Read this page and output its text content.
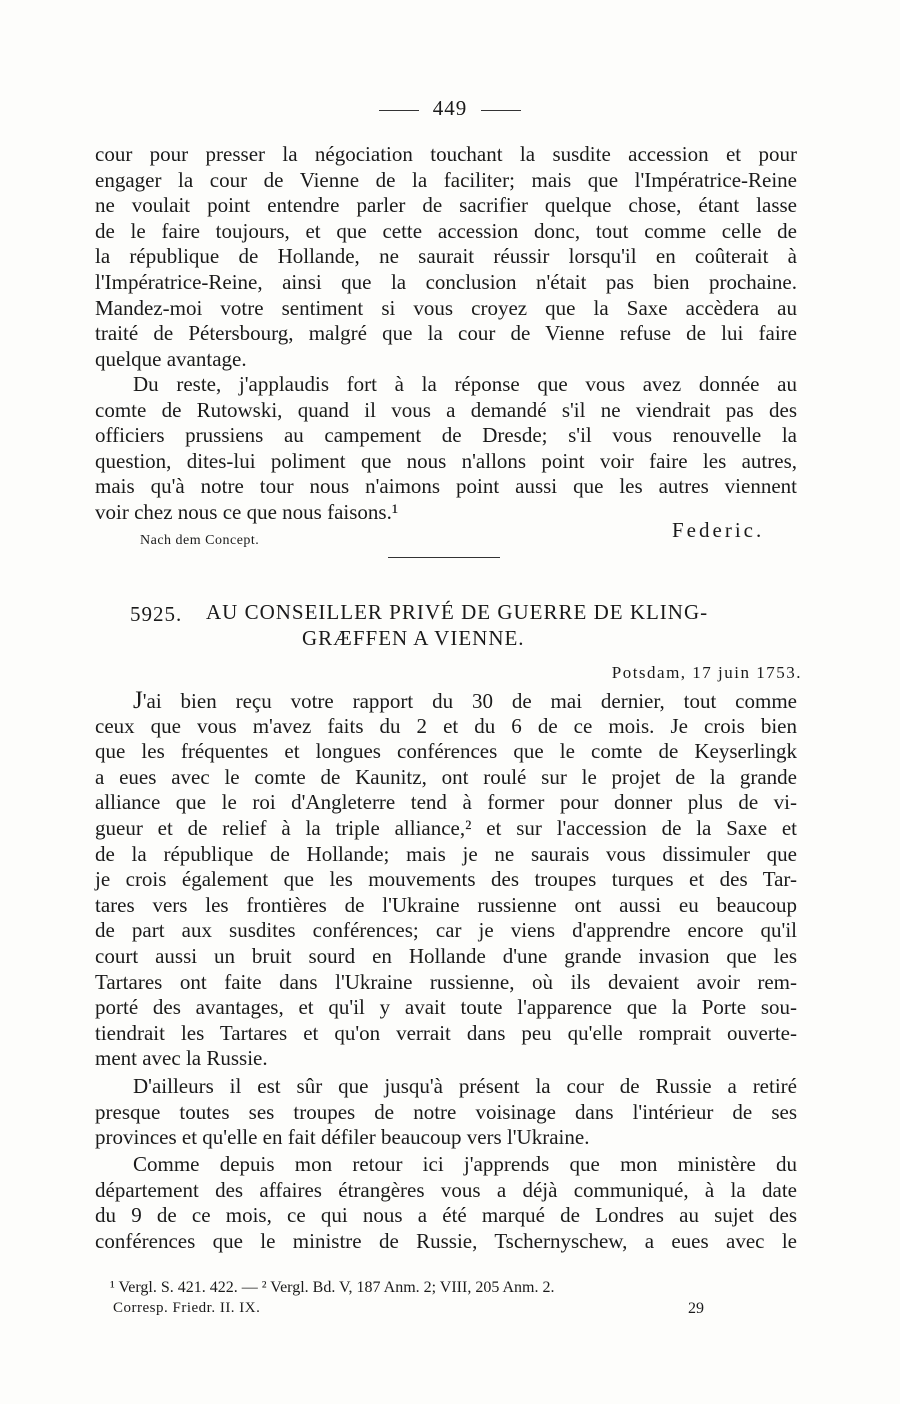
449
cour pour presser la négociation touchant la susdite accession et pour
engager la cour de Vienne de la faciliter; mais que l'Impératrice-Reine
ne voulait point entendre parler de sacrifier quelque chose, étant lasse
de le faire toujours, et que cette accession donc, tout comme celle de
la république de Hollande, ne saurait réussir lorsqu'il en coûterait à
l'Impératrice-Reine, ainsi que la conclusion n'était pas bien prochaine.
Mandez-moi votre sentiment si vous croyez que la Saxe accèdera au
traité de Pétersbourg, malgré que la cour de Vienne refuse de lui faire
quelque avantage.
Du reste, j'applaudis fort à la réponse que vous avez donnée au
comte de Rutowski, quand il vous a demandé s'il ne viendrait pas des
officiers prussiens au campement de Dresde; s'il vous renouvelle la
question, dites-lui poliment que nous n'allons point voir faire les autres,
mais qu'à notre tour nous n'aimons point aussi que les autres viennent
voir chez nous ce que nous faisons.¹
Federic.
Nach dem Concept.
5925. AU CONSEILLER PRIVÉ DE GUERRE DE KLING-
GRÆFFEN A VIENNE.
Potsdam, 17 juin 1753.
J'ai bien reçu votre rapport du 30 de mai dernier, tout comme
ceux que vous m'avez faits du 2 et du 6 de ce mois. Je crois bien
que les fréquentes et longues conférences que le comte de Keyserlingk
a eues avec le comte de Kaunitz, ont roulé sur le projet de la grande
alliance que le roi d'Angleterre tend à former pour donner plus de vi-
gueur et de relief à la triple alliance,² et sur l'accession de la Saxe et
de la république de Hollande; mais je ne saurais vous dissimuler que
je crois également que les mouvements des troupes turques et des Tar-
tares vers les frontières de l'Ukraine russienne ont aussi eu beaucoup
de part aux susdites conférences; car je viens d'apprendre encore qu'il
court aussi un bruit sourd en Hollande d'une grande invasion que les
Tartares ont faite dans l'Ukraine russienne, où ils devaient avoir rem-
porté des avantages, et qu'il y avait toute l'apparence que la Porte sou-
tiendrait les Tartares et qu'on verrait dans peu qu'elle romprait ouverte-
ment avec la Russie.
D'ailleurs il est sûr que jusqu'à présent la cour de Russie a retiré
presque toutes ses troupes de notre voisinage dans l'intérieur de ses
provinces et qu'elle en fait défiler beaucoup vers l'Ukraine.
Comme depuis mon retour ici j'apprends que mon ministère du
département des affaires étrangères vous a déjà communiqué, à la date
du 9 de ce mois, ce qui nous a été marqué de Londres au sujet des
conférences que le ministre de Russie, Tschernyschew, a eues avec le
¹ Vergl. S. 421. 422. — ² Vergl. Bd. V, 187 Anm. 2; VIII, 205 Anm. 2.
Corresp. Friedr. II. IX.	29
